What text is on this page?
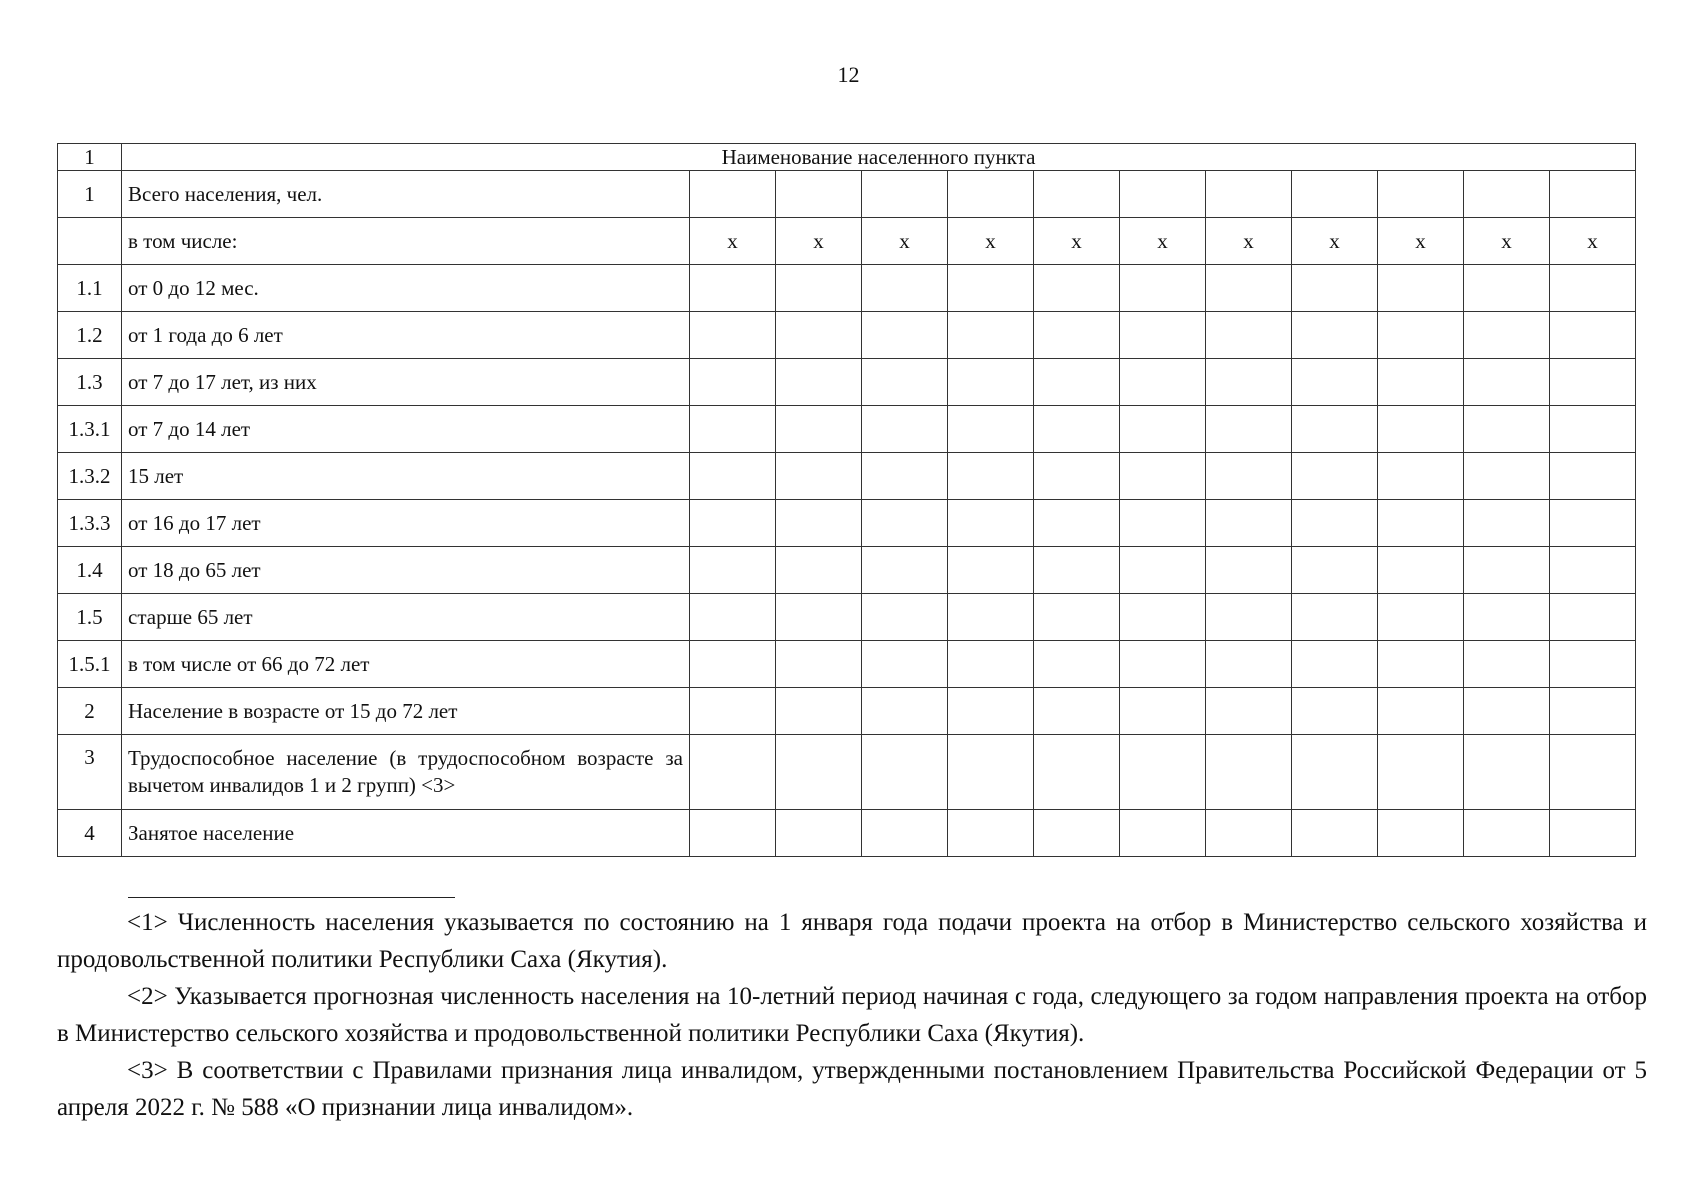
12
1	Наименование населенного пункта											
1	Всего населения, чел.											
	в том числе:	х	х	х	х	х	х	х	х	х	х	х
1.1	от 0 до 12 мес.											
1.2	от 1 года до 6 лет											
1.3	от 7 до 17 лет, из них											
1.3.1	от 7 до 14 лет											
1.3.2	15 лет											
1.3.3	от 16 до 17 лет											
1.4	от 18 до 65 лет											
1.5	старше 65 лет											
1.5.1	в том числе от 66 до 72 лет											
2	Население в возрасте от 15 до 72 лет											
3	Трудоспособное население (в трудоспособном возрасте за вычетом инвалидов 1 и 2 групп) <3>											
4	Занятое население											

<1> Численность населения указывается по состоянию на 1 января года подачи проекта на отбор в Министерство сельского хозяйства и продовольственной политики Республики Саха (Якутия).

<2> Указывается прогнозная численность населения на 10-летний период начиная с года, следующего за годом направления проекта на отбор в Министерство сельского хозяйства и продовольственной политики Республики Саха (Якутия).

<3> В соответствии с Правилами признания лица инвалидом, утвержденными постановлением Правительства Российской Федерации от 5 апреля 2022 г. № 588 «О признании лица инвалидом».
